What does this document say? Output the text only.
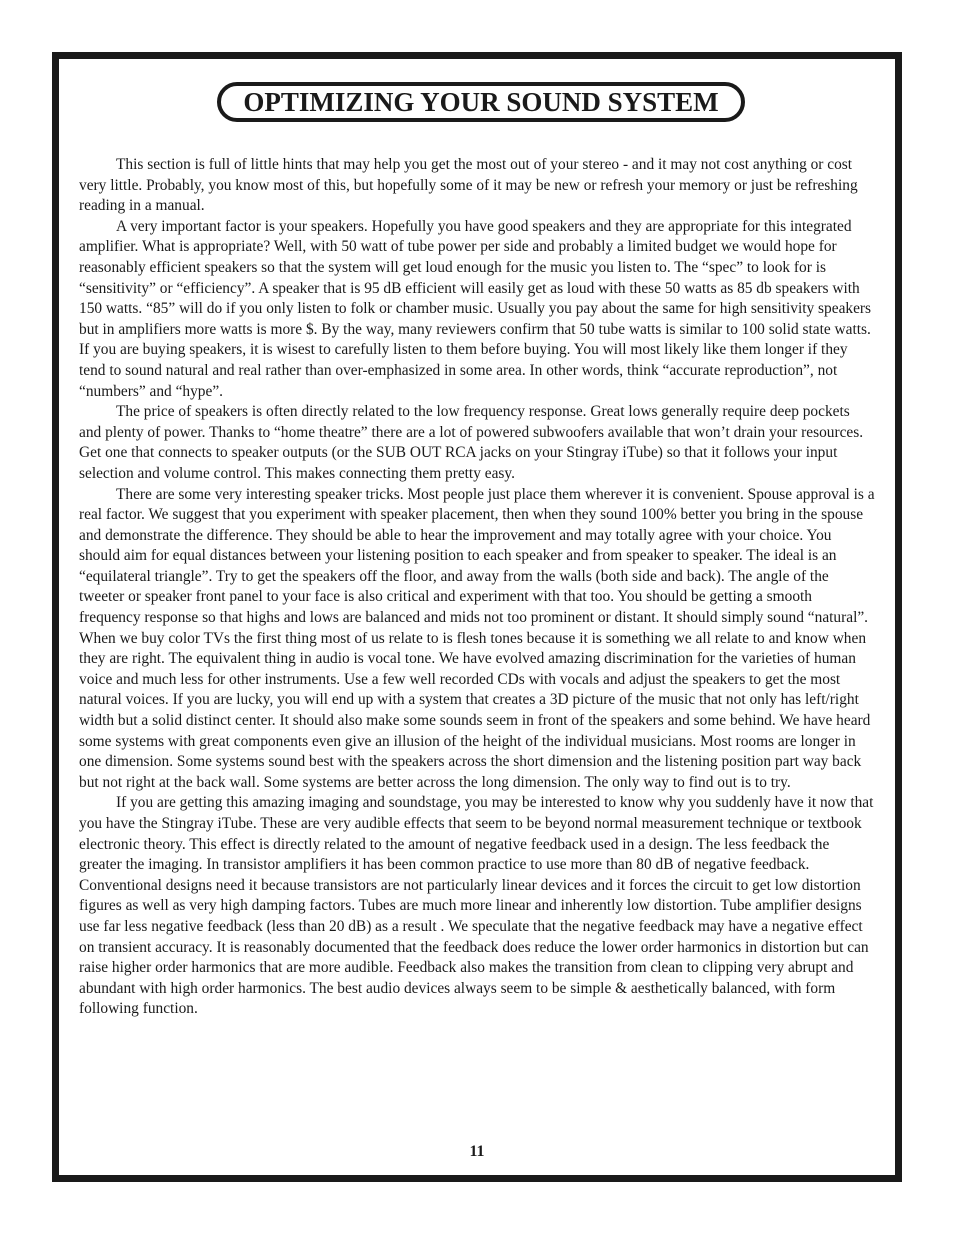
OPTIMIZING YOUR SOUND SYSTEM

This section is full of little hints that may help you get the most out of your stereo - and it may not cost anything or cost very little. Probably, you know most of this, but hopefully some of it may be new or refresh your memory or just be refreshing reading in a manual.

A very important factor is your speakers. Hopefully you have good speakers and they are appropriate for this integrated amplifier. What is appropriate? Well, with 50 watt of tube power per side and probably a limited budget we would hope for reasonably efficient speakers so that the system will get loud enough for the music you listen to. The “spec” to look for is “sensitivity” or “efficiency”. A speaker that is 95 dB efficient will easily get as loud with these 50 watts as 85 db speakers with 150 watts. “85” will do if you only listen to folk or chamber music. Usually you pay about the same for high sensitivity speakers but in amplifiers more watts is more $. By the way, many reviewers confirm that 50 tube watts is similar to 100 solid state watts. If you are buying speakers, it is wisest to carefully listen to them before buying. You will most likely like them longer if they tend to sound natural and real rather than over-emphasized in some area. In other words, think “accurate reproduction”, not “numbers” and “hype”.

The price of speakers is often directly related to the low frequency response. Great lows generally require deep pockets and plenty of power. Thanks to “home theatre” there are a lot of powered subwoofers available that won’t drain your resources. Get one that connects to speaker outputs (or the SUB OUT RCA jacks on your Stingray iTube) so that it follows your input selection and volume control. This makes connecting them pretty easy.

There are some very interesting speaker tricks. Most people just place them wherever it is convenient. Spouse approval is a real factor. We suggest that you experiment with speaker placement, then when they sound 100% better you bring in the spouse and demonstrate the difference. They should be able to hear the improvement and may totally agree with your choice. You should aim for equal distances between your listening position to each speaker and from speaker to speaker. The ideal is an “equilateral triangle”. Try to get the speakers off the floor, and away from the walls (both side and back). The angle of the tweeter or speaker front panel to your face is also critical and experiment with that too. You should be getting a smooth frequency response so that highs and lows are balanced and mids not too prominent or distant. It should simply sound “natural”. When we buy color TVs the first thing most of us relate to is flesh tones because it is something we all relate to and know when they are right. The equivalent thing in audio is vocal tone. We have evolved amazing discrimination for the varieties of human voice and much less for other instruments. Use a few well recorded CDs with vocals and adjust the speakers to get the most natural voices. If you are lucky, you will end up with a system that creates a 3D picture of the music that not only has left/right width but a solid distinct center. It should also make some sounds seem in front of the speakers and some behind. We have heard some systems with great components even give an illusion of the height of the individual musicians. Most rooms are longer in one dimension. Some systems sound best with the speakers across the short dimension and the listening position part way back but not right at the back wall. Some systems are better across the long dimension. The only way to find out is to try.

If you are getting this amazing imaging and soundstage, you may be interested to know why you suddenly have it now that you have the Stingray iTube. These are very audible effects that seem to be beyond normal measurement technique or textbook electronic theory. This effect is directly related to the amount of negative feedback used in a design. The less feedback the greater the imaging. In transistor amplifiers it has been common practice to use more than 80 dB of negative feedback. Conventional designs need it because transistors are not particularly linear devices and it forces the circuit to get low distortion figures as well as very high damping factors. Tubes are much more linear and inherently low distortion. Tube amplifier designs use far less negative feedback (less than 20 dB) as a result . We speculate that the negative feedback may have a negative effect on transient accuracy. It is reasonably documented that the feedback does reduce the lower order harmonics in distortion but can raise higher order harmonics that are more audible. Feedback also makes the transition from clean to clipping very abrupt and abundant with high order harmonics. The best audio devices always seem to be simple & aesthetically balanced, with form following function.

11
